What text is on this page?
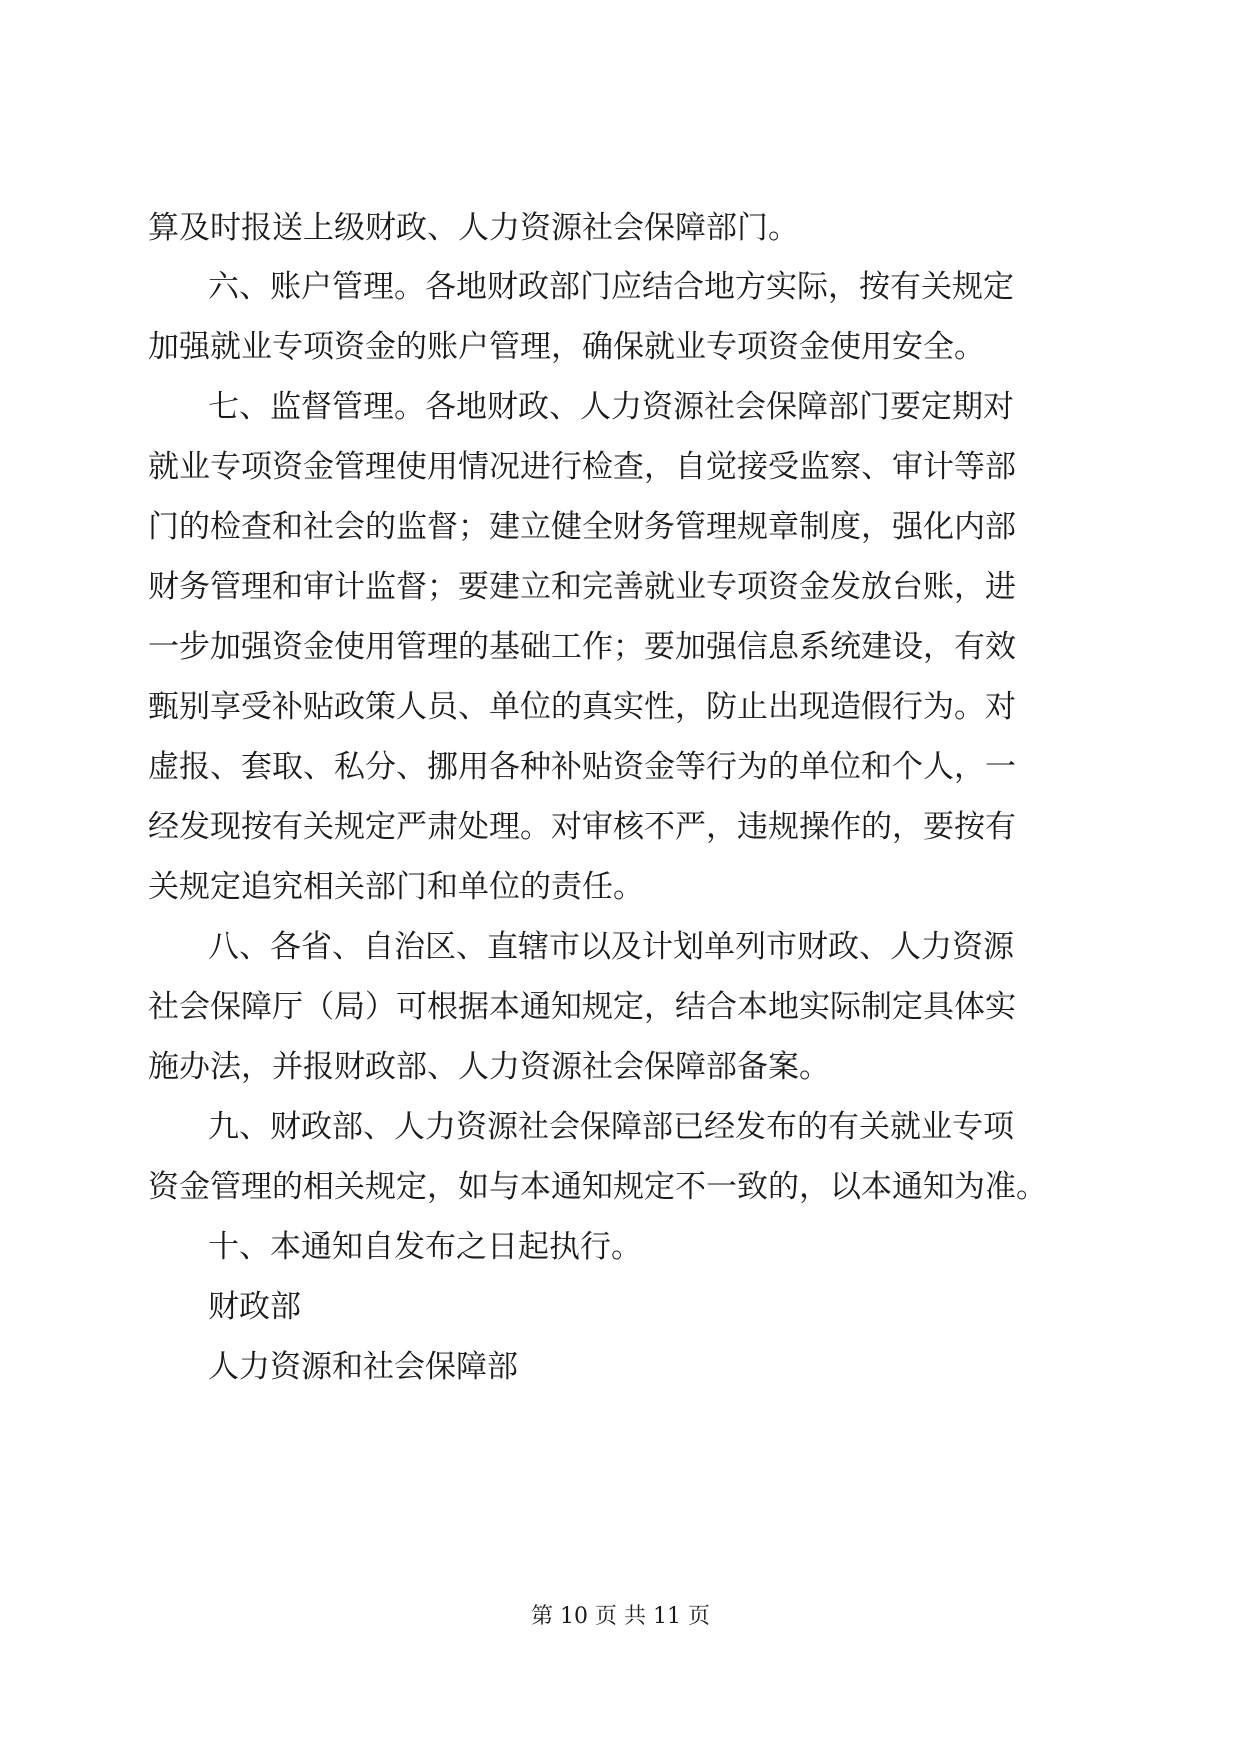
算及时报送上级财政、人力资源社会保障部门。
六、账户管理。各地财政部门应结合地方实际，按有关规定
加强就业专项资金的账户管理，确保就业专项资金使用安全。
七、监督管理。各地财政、人力资源社会保障部门要定期对
就业专项资金管理使用情况进行检查，自觉接受监察、审计等部
门的检查和社会的监督；建立健全财务管理规章制度，强化内部
财务管理和审计监督；要建立和完善就业专项资金发放台账，进
一步加强资金使用管理的基础工作；要加强信息系统建设，有效
甄别享受补贴政策人员、单位的真实性，防止出现造假行为。对
虚报、套取、私分、挪用各种补贴资金等行为的单位和个人，一
经发现按有关规定严肃处理。对审核不严，违规操作的，要按有
关规定追究相关部门和单位的责任。
八、各省、自治区、直辖市以及计划单列市财政、人力资源
社会保障厅（局）可根据本通知规定，结合本地实际制定具体实
施办法，并报财政部、人力资源社会保障部备案。
九、财政部、人力资源社会保障部已经发布的有关就业专项
资金管理的相关规定，如与本通知规定不一致的，以本通知为准。
十、本通知自发布之日起执行。
财政部
人力资源和社会保障部
第 10 页 共 11 页
